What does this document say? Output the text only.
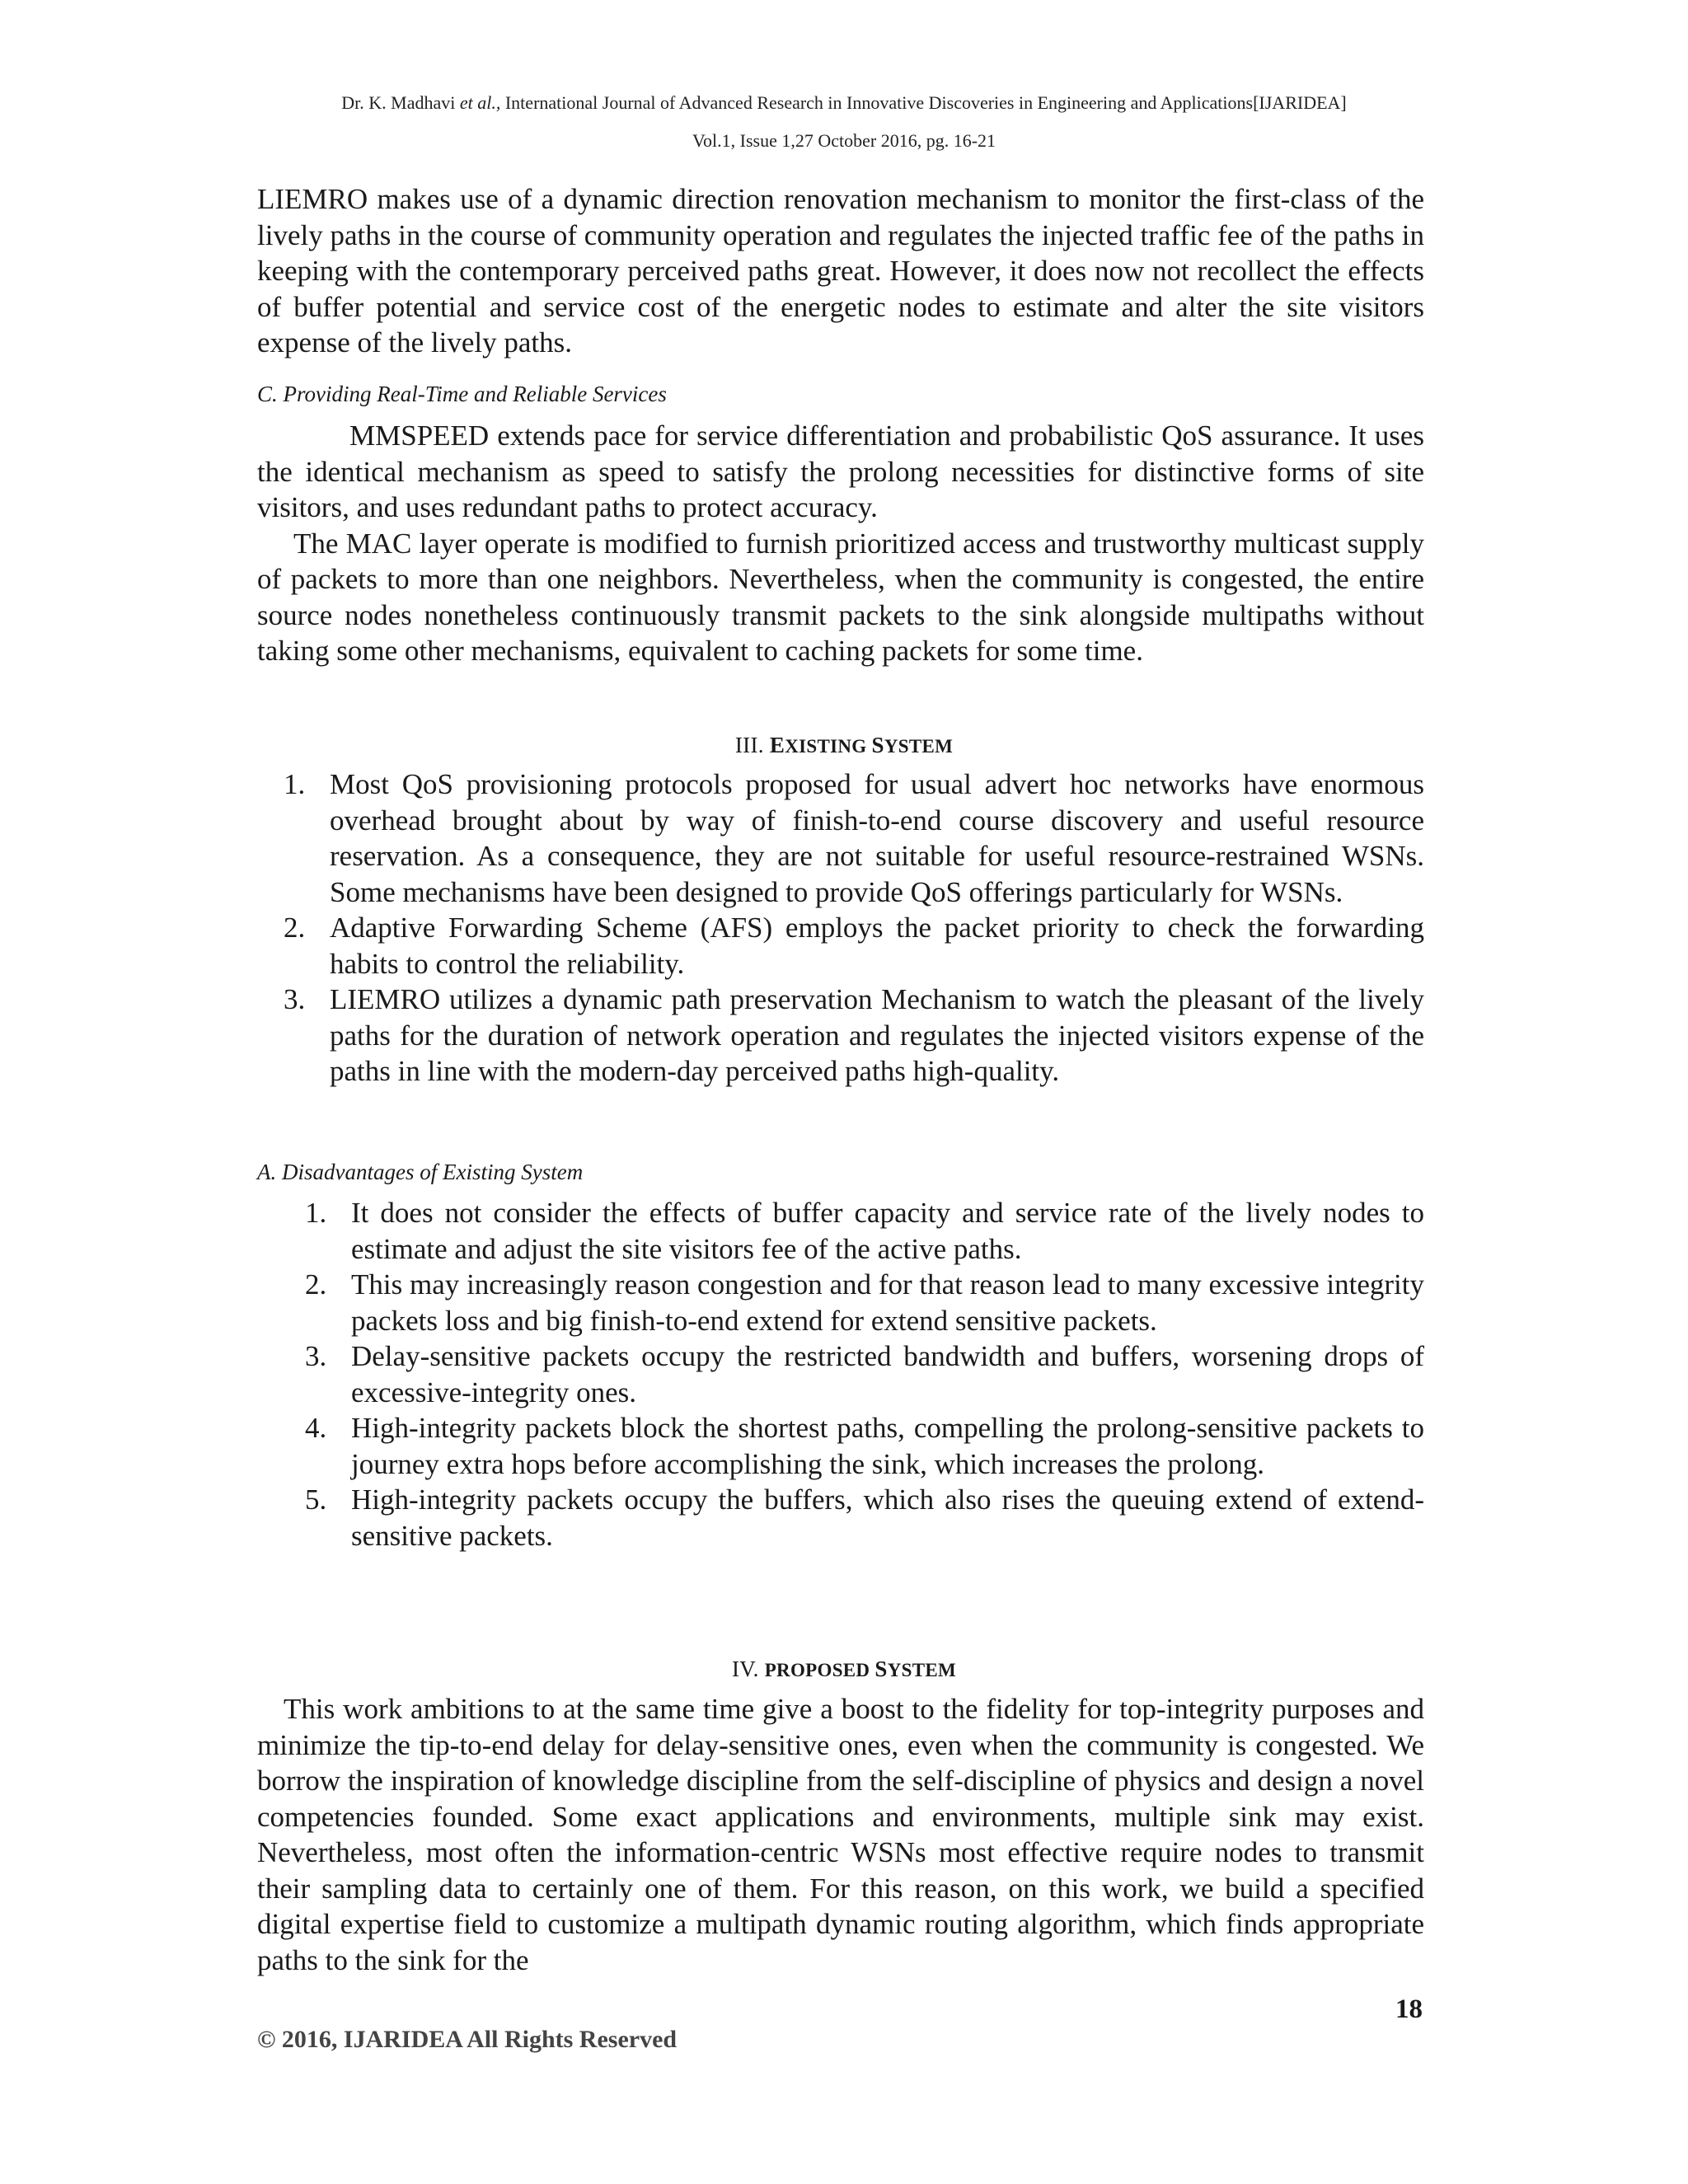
Dr. K. Madhavi et al., International Journal of Advanced Research in Innovative Discoveries in Engineering and Applications[IJARIDEA]
Vol.1, Issue 1,27 October 2016, pg. 16-21

LIEMRO makes use of a dynamic direction renovation mechanism to monitor the first-class of the lively paths in the course of community operation and regulates the injected traffic fee of the paths in keeping with the contemporary perceived paths great. However, it does now not recollect the effects of buffer potential and service cost of the energetic nodes to estimate and alter the site visitors expense of the lively paths.

C. Providing Real-Time and Reliable Services

MMSPEED extends pace for service differentiation and probabilistic QoS assurance. It uses the identical mechanism as speed to satisfy the prolong necessities for distinctive forms of site visitors, and uses redundant paths to protect accuracy.

The MAC layer operate is modified to furnish prioritized access and trustworthy multicast supply of packets to more than one neighbors. Nevertheless, when the community is congested, the entire source nodes nonetheless continuously transmit packets to the sink alongside multipaths without taking some other mechanisms, equivalent to caching packets for some time.

III. EXISTING SYSTEM
1. Most QoS provisioning protocols proposed for usual advert hoc networks have enormous overhead brought about by way of finish-to-end course discovery and useful resource reservation. As a consequence, they are not suitable for useful resource-restrained WSNs. Some mechanisms have been designed to provide QoS offerings particularly for WSNs.
2. Adaptive Forwarding Scheme (AFS) employs the packet priority to check the forwarding habits to control the reliability.
3. LIEMRO utilizes a dynamic path preservation Mechanism to watch the pleasant of the lively paths for the duration of network operation and regulates the injected visitors expense of the paths in line with the modern-day perceived paths high-quality.

A. Disadvantages of Existing System

1. It does not consider the effects of buffer capacity and service rate of the lively nodes to estimate and adjust the site visitors fee of the active paths.
2. This may increasingly reason congestion and for that reason lead to many excessive integrity packets loss and big finish-to-end extend for extend sensitive packets.
3. Delay-sensitive packets occupy the restricted bandwidth and buffers, worsening drops of excessive-integrity ones.
4. High-integrity packets block the shortest paths, compelling the prolong-sensitive packets to journey extra hops before accomplishing the sink, which increases the prolong.
5. High-integrity packets occupy the buffers, which also rises the queuing extend of extend-sensitive packets.
IV. PROPOSED SYSTEM

This work ambitions to at the same time give a boost to the fidelity for top-integrity purposes and minimize the tip-to-end delay for delay-sensitive ones, even when the community is congested. We borrow the inspiration of knowledge discipline from the self-discipline of physics and design a novel competencies founded. Some exact applications and environments, multiple sink may exist. Nevertheless, most often the information-centric WSNs most effective require nodes to transmit their sampling data to certainly one of them. For this reason, on this work, we build a specified digital expertise field to customize a multipath dynamic routing algorithm, which finds appropriate paths to the sink for the

18
© 2016, IJARIDEA All Rights Reserved
